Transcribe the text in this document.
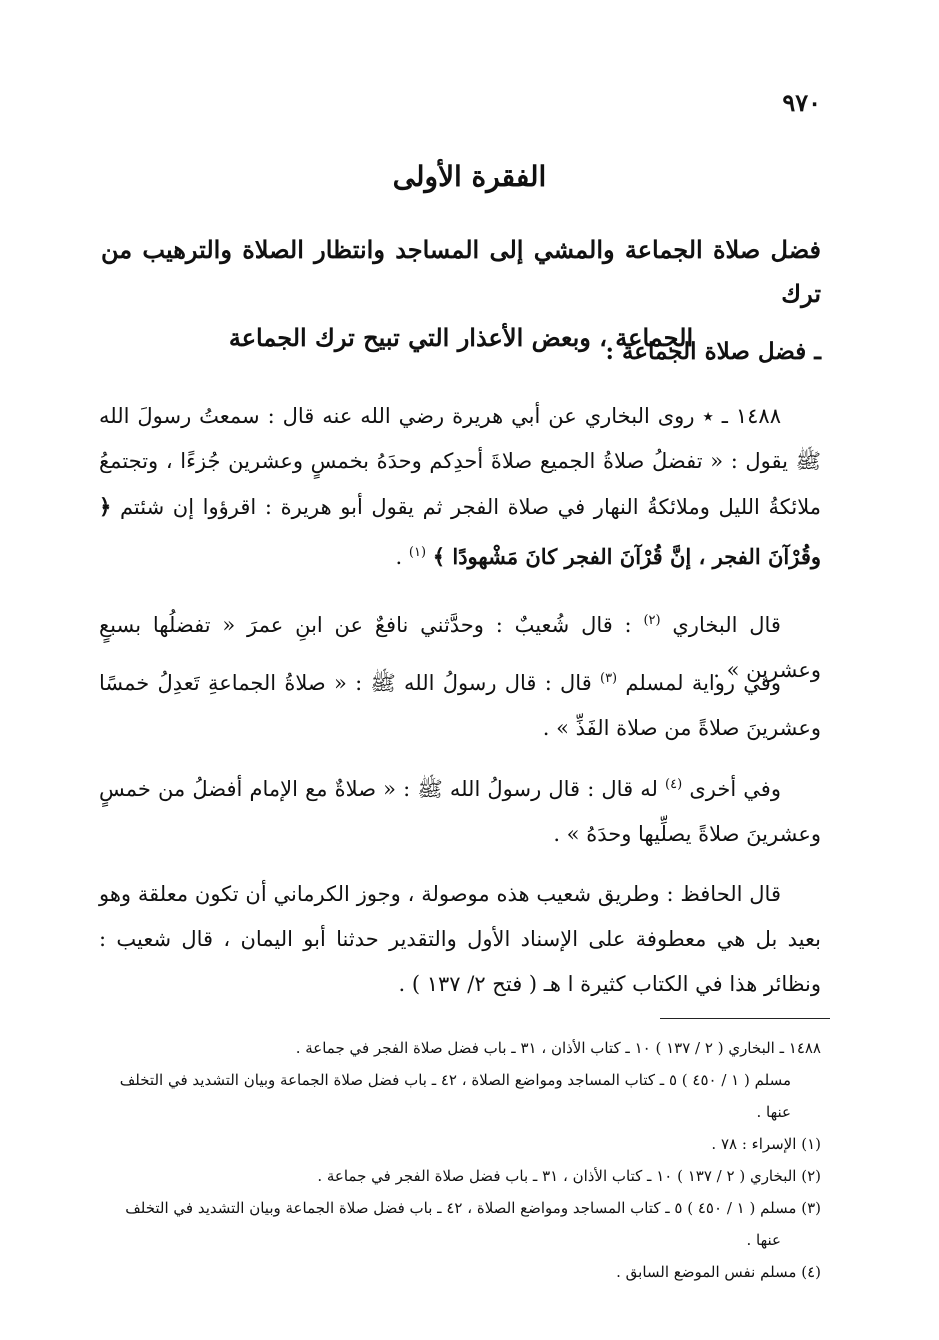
٩٧٠
الفقرة الأولى
فضل صلاة الجماعة والمشي إلى المساجد وانتظار الصلاة والترهيب من ترك
الجماعة ، وبعض الأعذار التي تبيح ترك الجماعة
ـ فضل صلاة الجماعة :
١٤٨٨ ـ ٭ روى البخاري عن أبي هريرة رضي الله عنه قال : سمعتُ رسولَ الله ﷺ يقول : « تفضلُ صلاةُ الجميع صلاةَ أحدِكم وحدَهُ بخمسٍ وعشرين جُزءًا ، وتجتمعُ ملائكةُ الليل وملائكةُ النهار في صلاة الفجر ثم يقول أبو هريرة : اقرؤوا إن شئتم ﴿ وقُرْآنَ الفجر ، إنَّ قُرْآنَ الفجر كانَ مَشْهودًا ﴾ $^{(١)}$ .
قال البخاري $^{(٢)}$ : قال شُعيبٌ : وحدَّثني نافعٌ عن ابنِ عمرَ « تفضلُها بسبعٍ وعشرين » .
وفي رواية لمسلم $^{(٣)}$ قال : قال رسولُ الله ﷺ : « صلاةُ الجماعةِ تَعدِلُ خمسًا وعشرينَ صلاةً من صلاة الفَذِّ » .
وفي أخرى $^{(٤)}$ له قال : قال رسولُ الله ﷺ : « صلاةٌ مع الإمام أفضلُ من خمسٍ وعشرينَ صلاةً يصلِّيها وحدَهُ » .
قال الحافظ : وطريق شعيب هذه موصولة ، وجوز الكرماني أن تكون معلقة وهو بعيد بل هي معطوفة على الإسناد الأول والتقدير حدثنا أبو اليمان ، قال شعيب : ونظائر هذا في الكتاب كثيرة ا هـ ( فتح ٢/ ١٣٧ ) .
١٤٨٨ ـ البخاري ( ٢ / ١٣٧ ) ١٠ ـ كتاب الأذان ، ٣١ ـ باب فضل صلاة الفجر في جماعة .
مسلم ( ١ / ٤٥٠ ) ٥ ـ كتاب المساجد ومواضع الصلاة ، ٤٢ ـ باب فضل صلاة الجماعة وبيان التشديد في التخلف
عنها .
(١) الإسراء : ٧٨ .
(٢) البخاري ( ٢ / ١٣٧ ) ١٠ ـ كتاب الأذان ، ٣١ ـ باب فضل صلاة الفجر في جماعة .
(٣) مسلم ( ١ / ٤٥٠ ) ٥ ـ كتاب المساجد ومواضع الصلاة ، ٤٢ ـ باب فضل صلاة الجماعة وبيان التشديد في التخلف
عنها .
(٤) مسلم نفس الموضع السابق .
